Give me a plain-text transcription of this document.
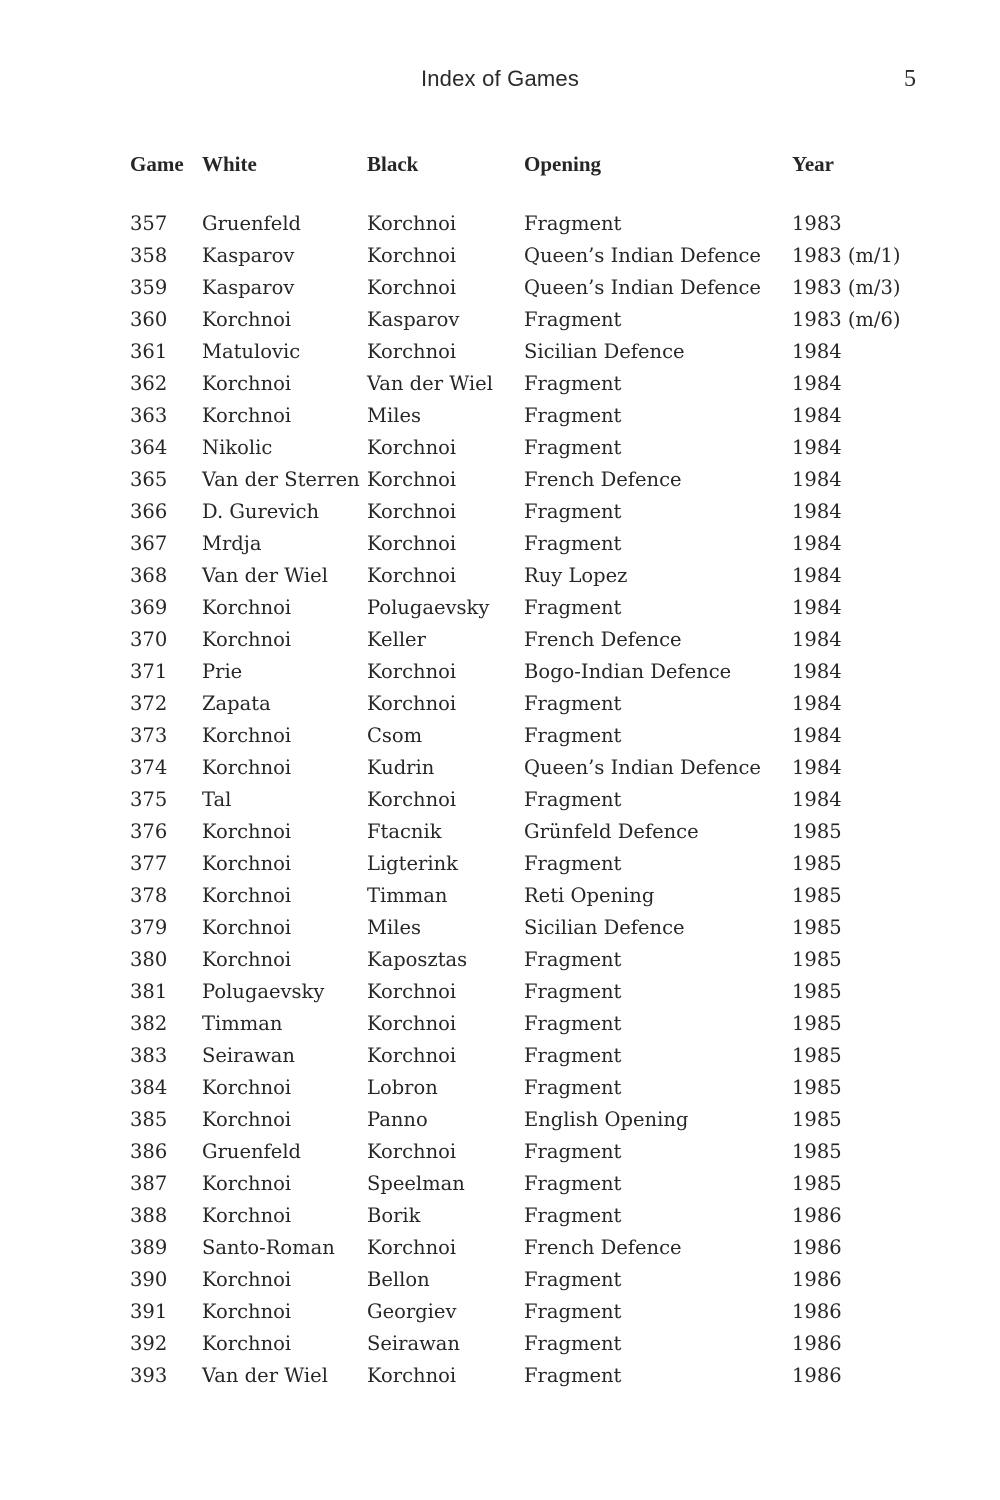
Index of Games	5
Game	White	Black	Opening	Year

357	Gruenfeld	Korchnoi	Fragment	1983
358	Kasparov	Korchnoi	Queen’s Indian Defence	1983 (m/1)
359	Kasparov	Korchnoi	Queen’s Indian Defence	1983 (m/3)
360	Korchnoi	Kasparov	Fragment	1983 (m/6)
361	Matulovic	Korchnoi	Sicilian Defence	1984
362	Korchnoi	Van der Wiel	Fragment	1984
363	Korchnoi	Miles	Fragment	1984
364	Nikolic	Korchnoi	Fragment	1984
365	Van der Sterren	Korchnoi	French Defence	1984
366	D. Gurevich	Korchnoi	Fragment	1984
367	Mrdja	Korchnoi	Fragment	1984
368	Van der Wiel	Korchnoi	Ruy Lopez	1984
369	Korchnoi	Polugaevsky	Fragment	1984
370	Korchnoi	Keller	French Defence	1984
371	Prie	Korchnoi	Bogo-Indian Defence	1984
372	Zapata	Korchnoi	Fragment	1984
373	Korchnoi	Csom	Fragment	1984
374	Korchnoi	Kudrin	Queen’s Indian Defence	1984
375	Tal	Korchnoi	Fragment	1984
376	Korchnoi	Ftacnik	Grünfeld Defence	1985
377	Korchnoi	Ligterink	Fragment	1985
378	Korchnoi	Timman	Reti Opening	1985
379	Korchnoi	Miles	Sicilian Defence	1985
380	Korchnoi	Kaposztas	Fragment	1985
381	Polugaevsky	Korchnoi	Fragment	1985
382	Timman	Korchnoi	Fragment	1985
383	Seirawan	Korchnoi	Fragment	1985
384	Korchnoi	Lobron	Fragment	1985
385	Korchnoi	Panno	English Opening	1985
386	Gruenfeld	Korchnoi	Fragment	1985
387	Korchnoi	Speelman	Fragment	1985
388	Korchnoi	Borik	Fragment	1986
389	Santo-Roman	Korchnoi	French Defence	1986
390	Korchnoi	Bellon	Fragment	1986
391	Korchnoi	Georgiev	Fragment	1986
392	Korchnoi	Seirawan	Fragment	1986
393	Van der Wiel	Korchnoi	Fragment	1986
